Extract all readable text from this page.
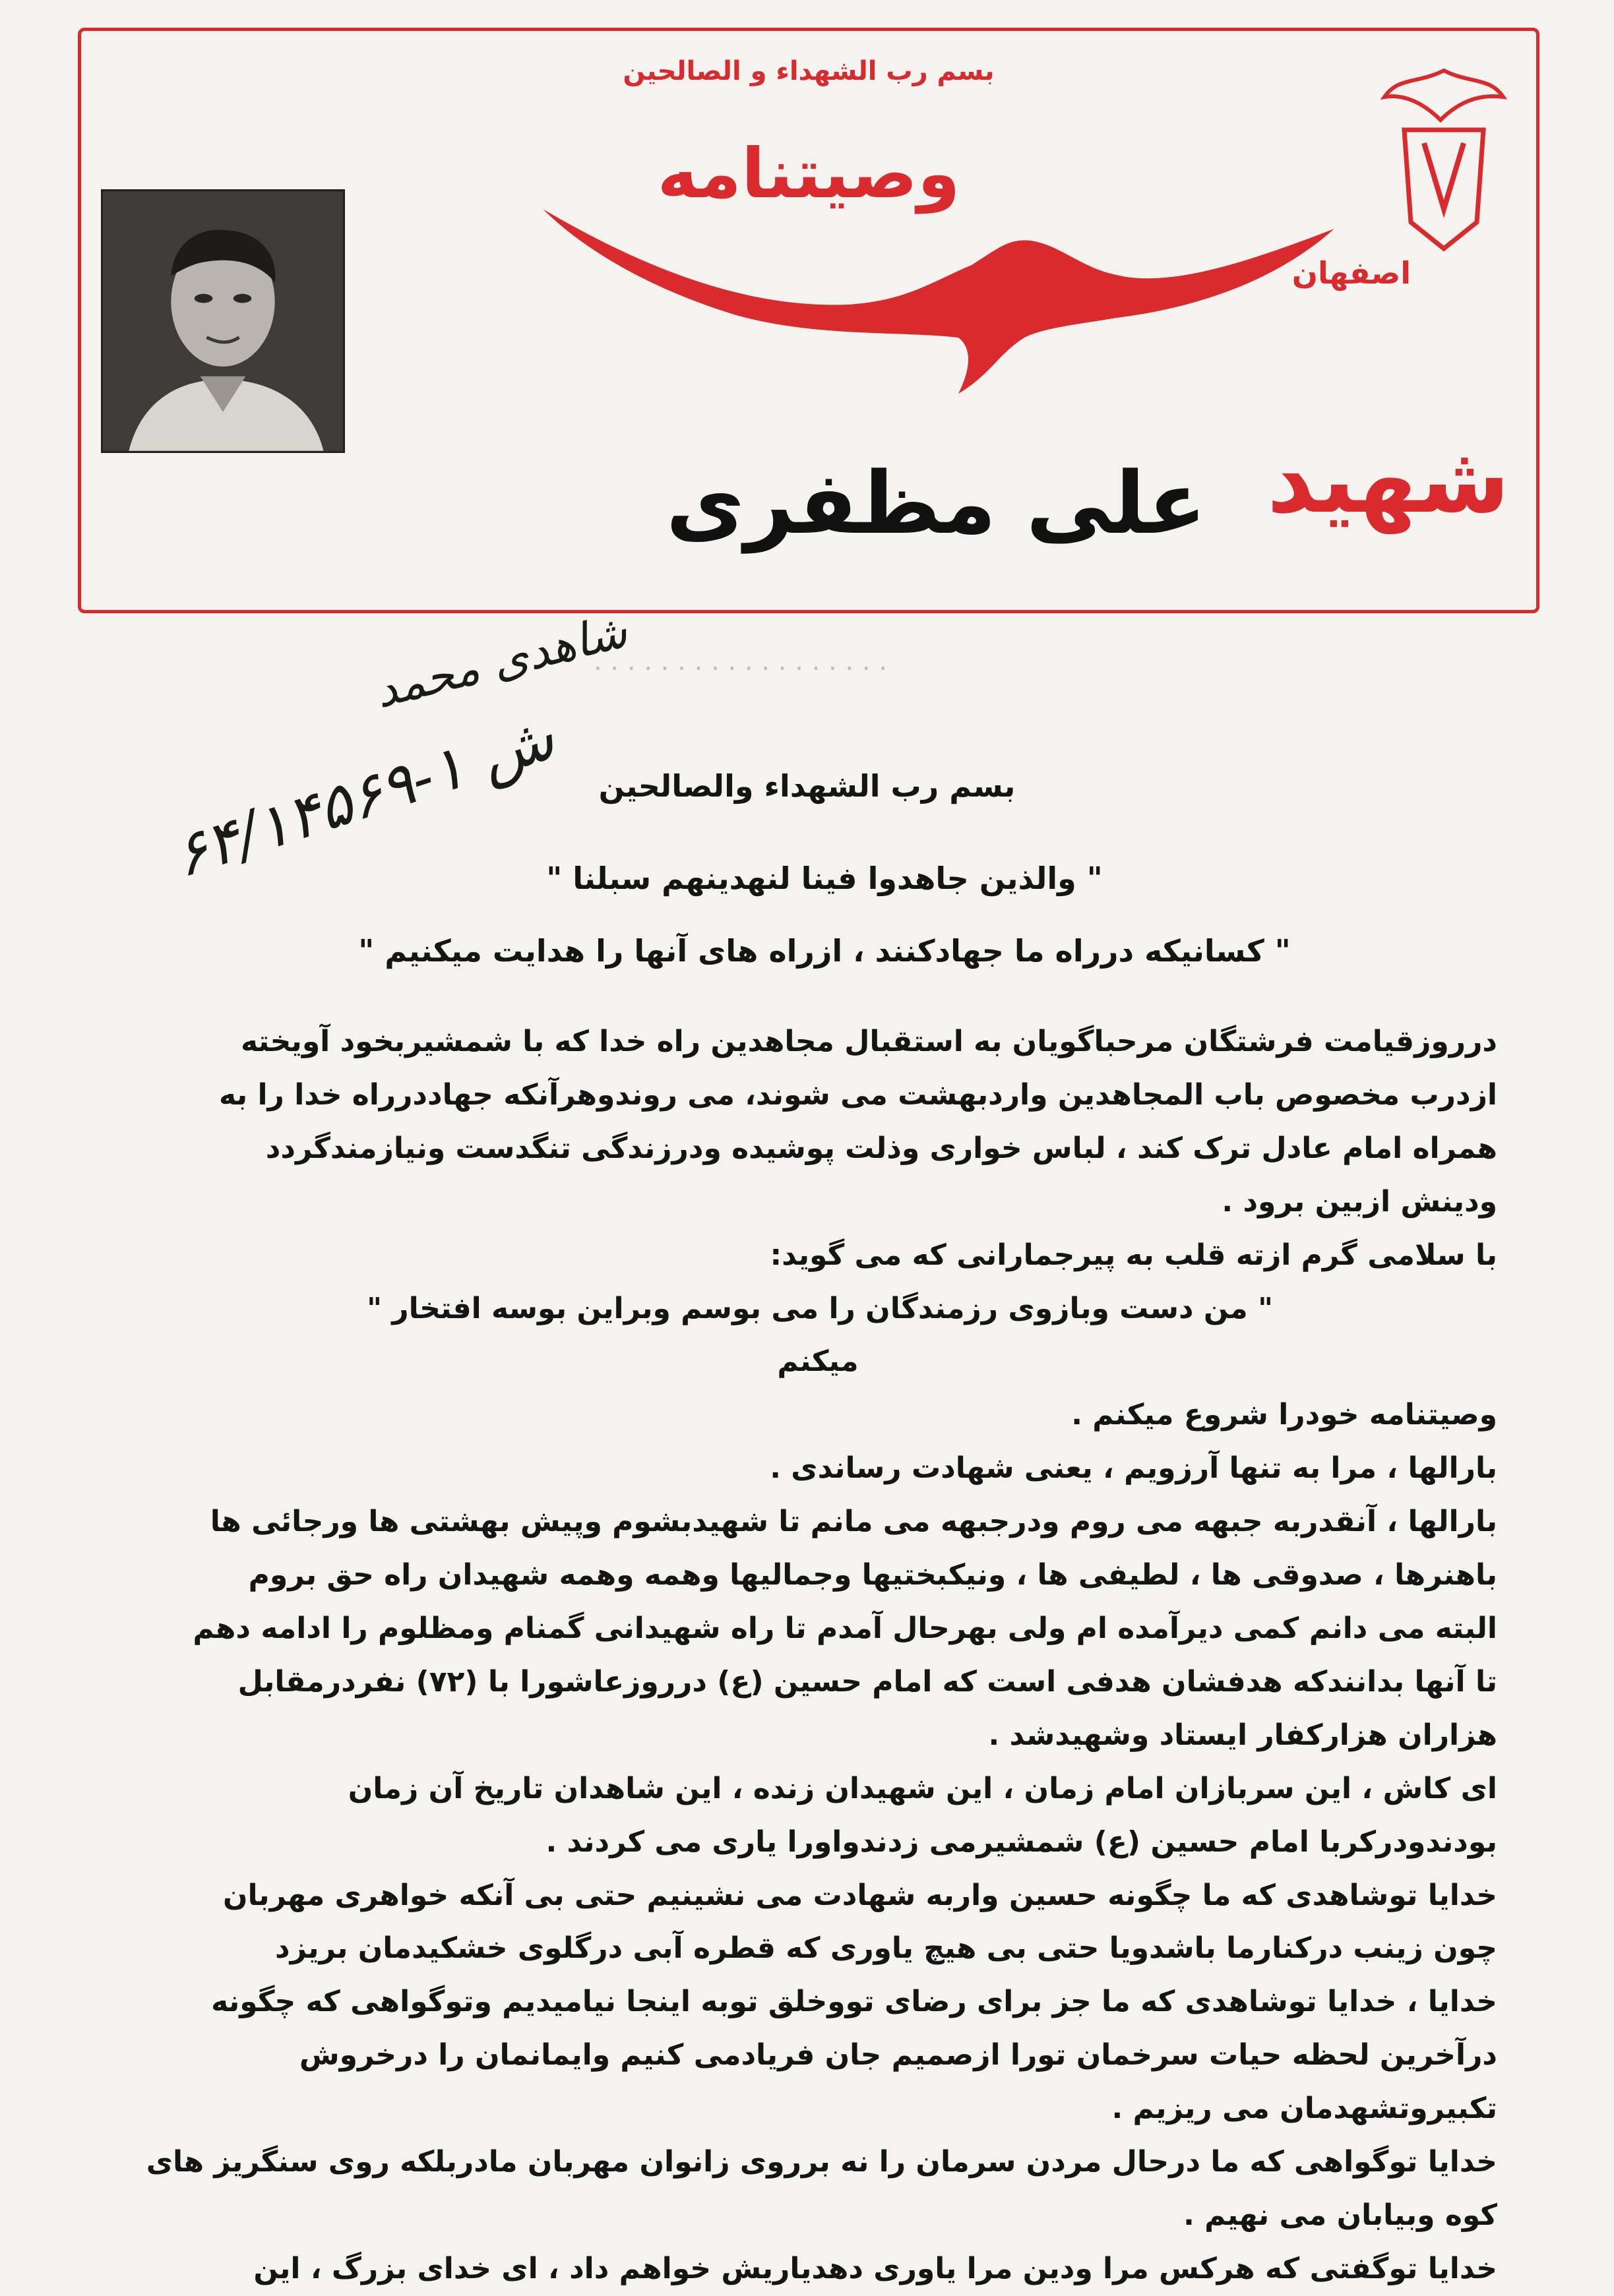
بسم رب الشهداء و الصالحین
وصیتنامه
اصفهان
شهید
علی مظفری
. . . . . . . . . . . . . . . . . .
شاهدی محمد
ش ۱-۶۴/۱۴۵۶۹	بسم رب الشهداء والصالحين
" والذين جاهدوا فينا لنهدينهم سبلنا "
" کسانیکه درراه ما جهادکنند ، ازراه های آنها را هدایت میکنیم "

درروزقیامت فرشتگان مرحباگویان به استقبال مجاهدین راه خدا که با شمشیربخود آویخته

ازدرب مخصوص باب المجاهدین واردبهشت می شوند، می روندوهرآنکه جهاددرراه خدا را به

همراه امام عادل ترک کند ، لباس خواری وذلت پوشیده ودرزندگی تنگدست ونیازمندگردد

ودینش ازبین برود .

با سلامی گرم ازته قلب به پیرجمارانی که می گوید:

" من دست وبازوی رزمندگان را می بوسم وبراین بوسه افتخار "

میکنم

وصیتنامه خودرا شروع میکنم .

بارالها ، مرا به تنها آرزویم ، یعنی شهادت رساندی .

بارالها ، آنقدربه جبهه می روم ودرجبهه می مانم تا شهیدبشوم وپیش بهشتی ها ورجائی ها

باهنرها ، صدوقی ها ، لطیفی ها ، ونیکبختیها وجمالیها وهمه وهمه شهیدان راه حق بروم

البته می دانم کمی دیرآمده ام ولی بهرحال آمدم تا راه شهیدانی گمنام ومظلوم را ادامه دهم

تا آنها بدانندکه هدفشان هدفی است که امام حسین (ع) درروزعاشورا با (۷۲) نفردرمقابل

هزاران هزارکفار ایستاد وشهیدشد .

ای کاش ، این سربازان امام زمان ، این شهیدان زنده ، این شاهدان تاریخ آن زمان

بودندودرکربا امام حسین (ع) شمشیرمی زدندواورا یاری می کردند .

خدایا توشاهدی که ما چگونه حسین واربه شهادت می نشینیم حتی بی آنکه خواهری مهربان

چون زینب درکنارما باشدویا حتی بی هیچ یاوری که قطره آبی درگلوی خشکیدمان بریزد

خدایا ، خدایا توشاهدی که ما جز برای رضای تووخلق توبه اینجا نیامیدیم وتوگواهی که چگونه

درآخرین لحظه حیات سرخمان تورا ازصمیم جان فریادمی کنیم وایمانمان را درخروش

تکبیروتشهدمان می ریزیم .

خدایا توگواهی که ما درحال مردن سرمان را نه برروی زانوان مهربان مادربلکه روی سنگریز های

کوه وبیابان می نهیم .

خدایا توگفتی که هرکس مرا ودین مرا یاوری دهدیاریش خواهم داد ، ای خدای بزرگ ، این
